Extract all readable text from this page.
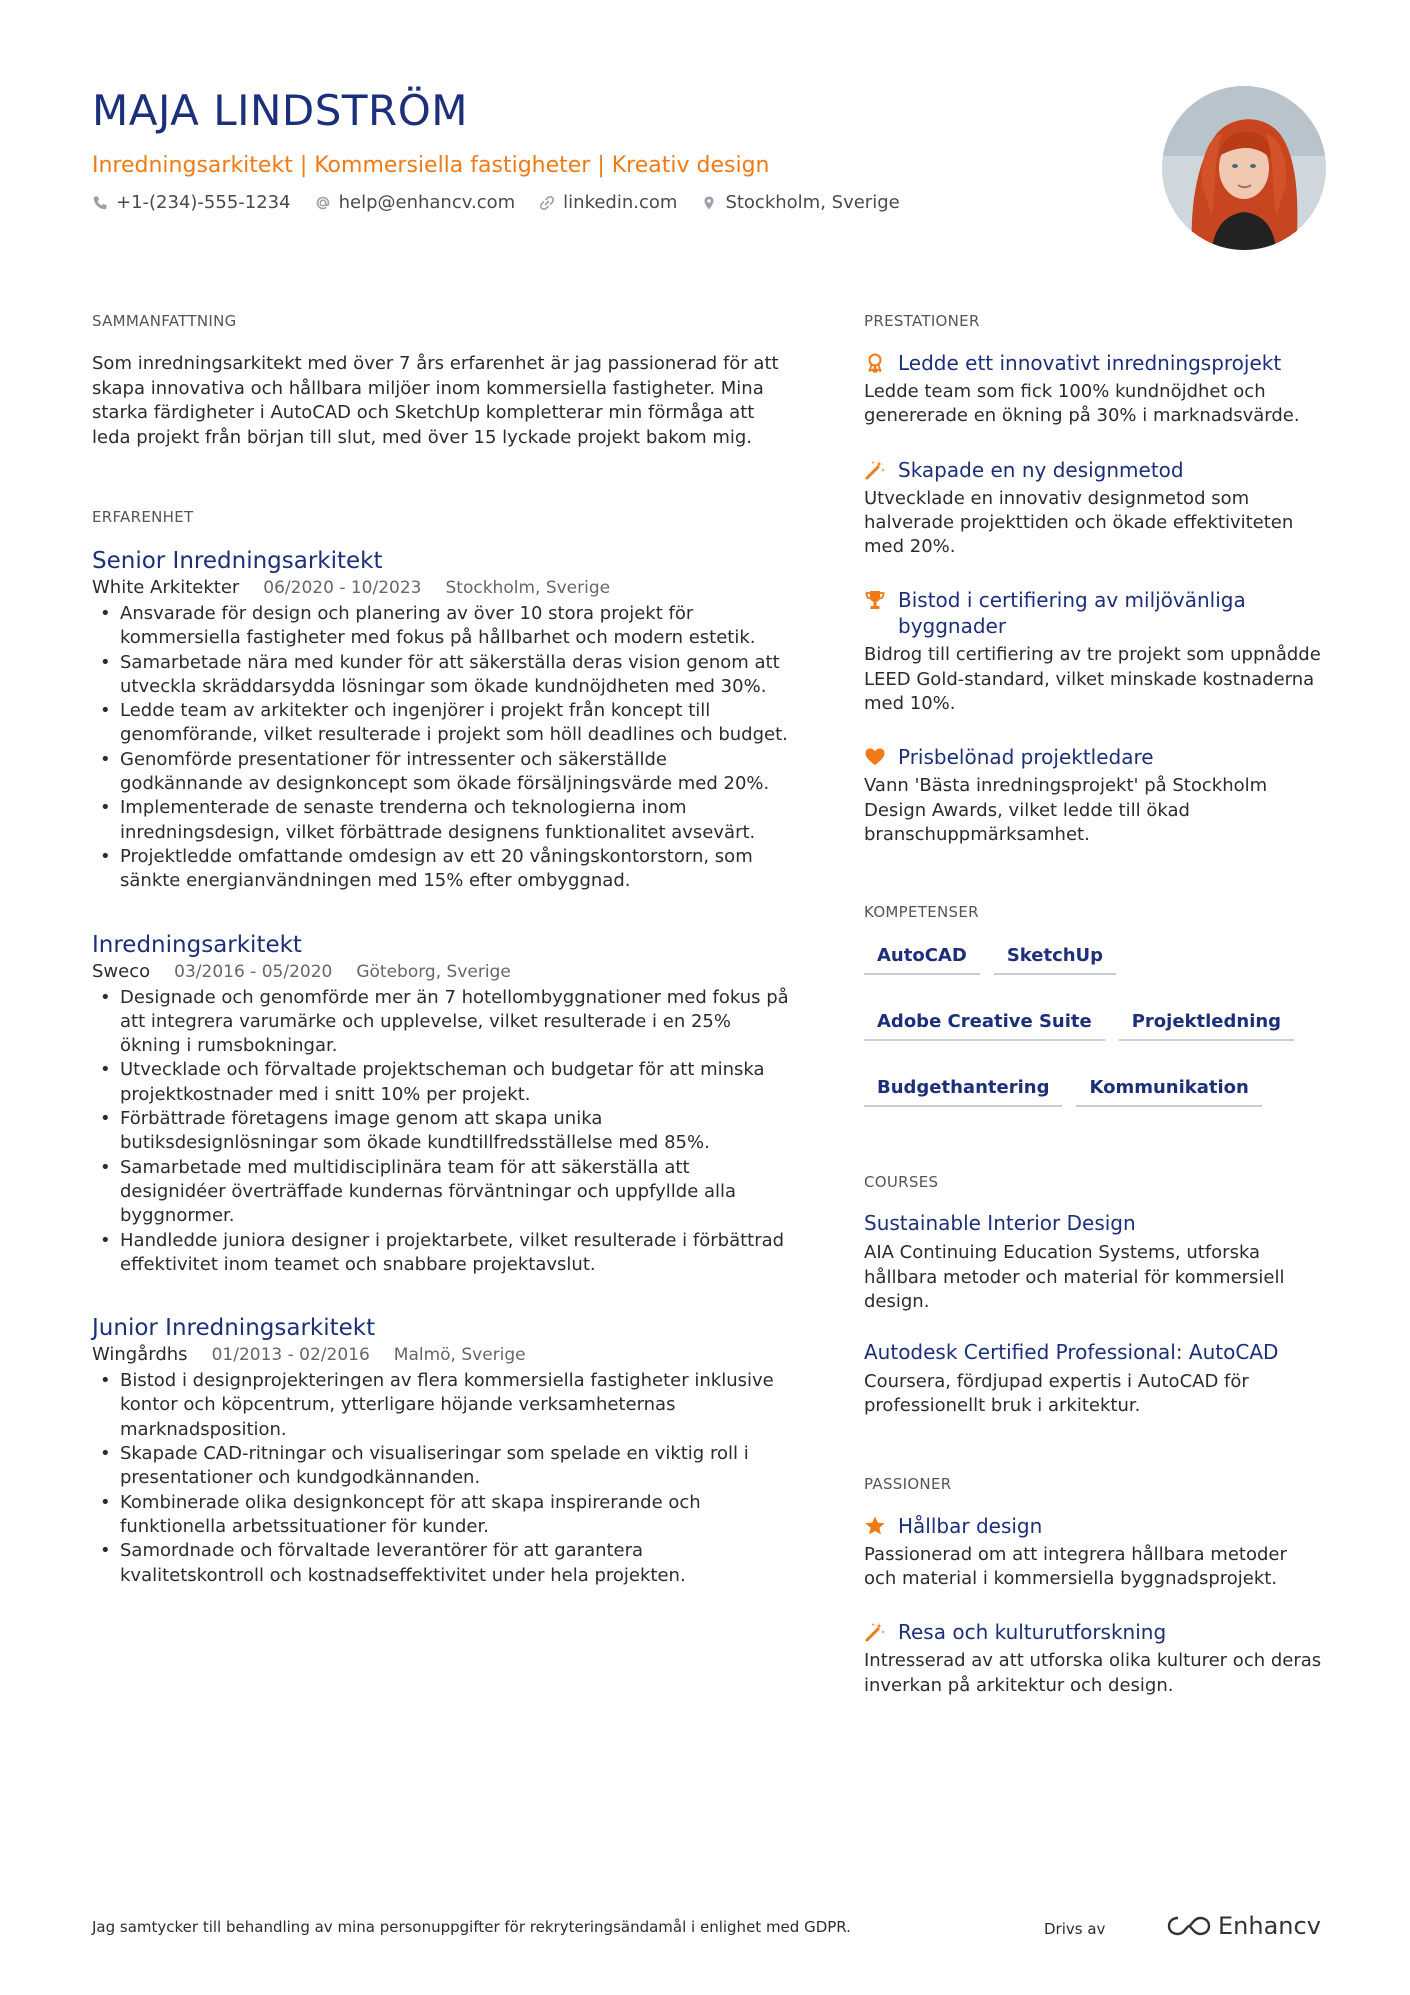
MAJA LINDSTRÖM
Inredningsarkitekt | Kommersiella fastigheter | Kreativ design
+1-(234)-555-1234	help@enhancv.com	linkedin.com	Stockholm, Sverige
SAMMANFATTNING

Som inredningsarkitekt med över 7 års erfarenhet är jag passionerad för att skapa innovativa och hållbara miljöer inom kommersiella fastigheter. Mina starka färdigheter i AutoCAD och SketchUp kompletterar min förmåga att leda projekt från början till slut, med över 15 lyckade projekt bakom mig.

ERFARENHET
Senior Inredningsarkitekt
White Arkitekter 06/2020 - 10/2023 Stockholm, Sverige
• Ansvarade för design och planering av över 10 stora projekt för kommersiella fastigheter med fokus på hållbarhet och modern estetik.
• Samarbetade nära med kunder för att säkerställa deras vision genom att utveckla skräddarsydda lösningar som ökade kundnöjdheten med 30%.
• Ledde team av arkitekter och ingenjörer i projekt från koncept till genomförande, vilket resulterade i projekt som höll deadlines och budget.
• Genomförde presentationer för intressenter och säkerställde godkännande av designkoncept som ökade försäljningsvärde med 20%.
• Implementerade de senaste trenderna och teknologierna inom inredningsdesign, vilket förbättrade designens funktionalitet avsevärt.
• Projektledde omfattande omdesign av ett 20 våningskontorstorn, som sänkte energianvändningen med 15% efter ombyggnad.
Inredningsarkitekt
Sweco 03/2016 - 05/2020 Göteborg, Sverige
• Designade och genomförde mer än 7 hotellombyggnationer med fokus på att integrera varumärke och upplevelse, vilket resulterade i en 25% ökning i rumsbokningar.
• Utvecklade och förvaltade projektscheman och budgetar för att minska projektkostnader med i snitt 10% per projekt.
• Förbättrade företagens image genom att skapa unika butiksdesignlösningar som ökade kundtillfredsställelse med 85%.
• Samarbetade med multidisciplinära team för att säkerställa att designidéer överträffade kundernas förväntningar och uppfyllde alla byggnormer.
• Handledde juniora designer i projektarbete, vilket resulterade i förbättrad effektivitet inom teamet och snabbare projektavslut.
Junior Inredningsarkitekt
Wingårdhs 01/2013 - 02/2016 Malmö, Sverige
• Bistod i designprojekteringen av flera kommersiella fastigheter inklusive kontor och köpcentrum, ytterligare höjande verksamheternas marknadsposition.
• Skapade CAD-ritningar och visualiseringar som spelade en viktig roll i presentationer och kundgodkännanden.
• Kombinerade olika designkoncept för att skapa inspirerande och funktionella arbetssituationer för kunder.
• Samordnade och förvaltade leverantörer för att garantera kvalitetskontroll och kostnadseffektivitet under hela projekten.
PRESTATIONER
Ledde ett innovativt inredningsprojekt
Ledde team som fick 100% kundnöjdhet och genererade en ökning på 30% i marknadsvärde.
Skapade en ny designmetod
Utvecklade en innovativ designmetod som halverade projekttiden och ökade effektiviteten med 20%.
Bistod i certifiering av miljövänliga byggnader
Bidrog till certifiering av tre projekt som uppnådde LEED Gold-standard, vilket minskade kostnaderna med 10%.
Prisbelönad projektledare
Vann 'Bästa inredningsprojekt' på Stockholm Design Awards, vilket ledde till ökad branschuppmärksamhet.
KOMPETENSER
AutoCAD	SketchUp
Adobe Creative Suite	Projektledning
Budgethantering	Kommunikation
COURSES
Sustainable Interior Design
AIA Continuing Education Systems, utforska hållbara metoder och material för kommersiell design.
Autodesk Certified Professional: AutoCAD
Coursera, fördjupad expertis i AutoCAD för professionellt bruk i arkitektur.
PASSIONER
Hållbar design
Passionerad om att integrera hållbara metoder och material i kommersiella byggnadsprojekt.
Resa och kulturutforskning
Intresserad av att utforska olika kulturer och deras inverkan på arkitektur och design.
Jag samtycker till behandling av mina personuppgifter för rekryteringsändamål i enlighet med GDPR.	Drivs av	Enhancv
